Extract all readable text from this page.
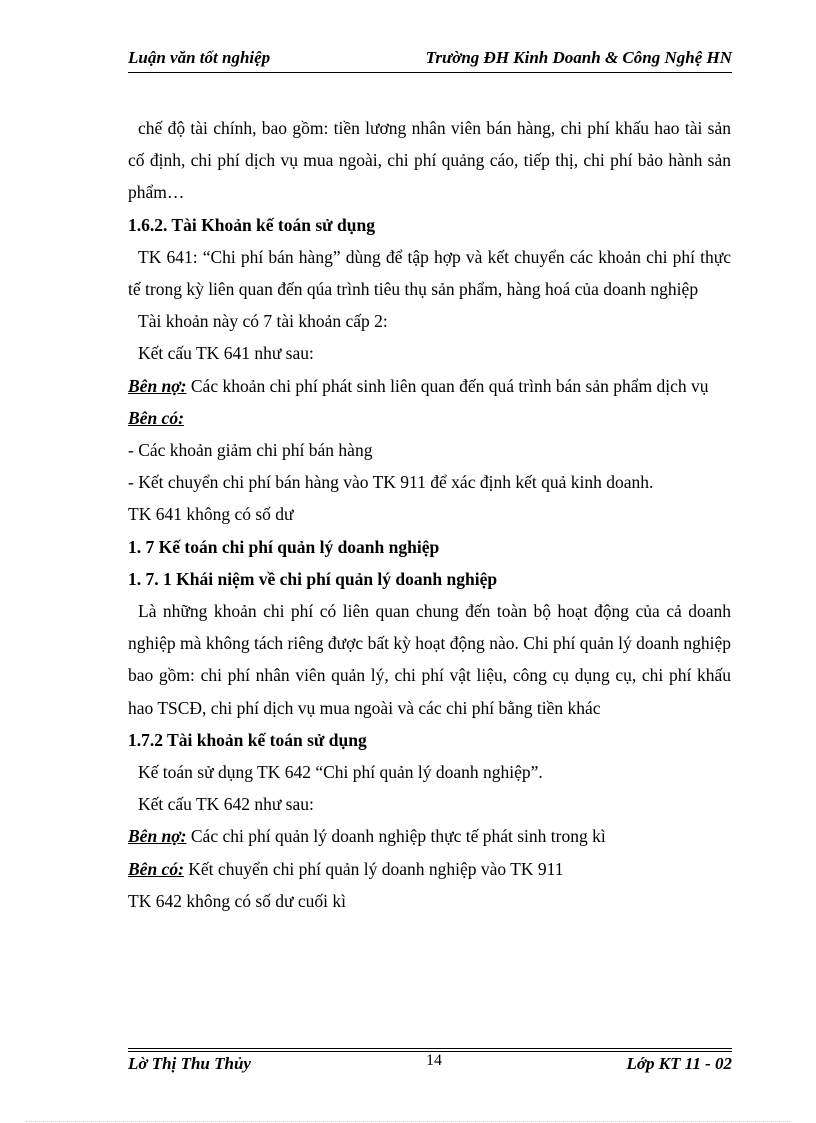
Luận văn tốt nghiệp	Trường ĐH Kinh Doanh & Công Nghệ HN

chế độ tài chính, bao gồm: tiền lương nhân viên bán hàng, chi phí khấu hao tài sản cố định, chi phí dịch vụ mua ngoài, chi phí quảng cáo, tiếp thị, chi phí bảo hành sản phẩm…

1.6.2. Tài Khoản kế toán sử dụng

TK 641: “Chi phí bán hàng” dùng để tập hợp và kết chuyển các khoản chi phí thực tế trong kỳ liên quan đến qúa trình tiêu thụ sản phẩm, hàng hoá của doanh nghiệp

Tài khoản này có 7 tài khoản cấp 2:

Kết cấu TK 641 như sau:

Bên nợ: Các khoản chi phí phát sinh liên quan đến quá trình bán sản phẩm dịch vụ

Bên có:

- Các khoản giảm chi phí bán hàng

- Kết chuyển chi phí bán hàng vào TK 911 để xác định kết quả kinh doanh.

TK 641 không có số dư

1. 7 Kế toán chi phí quản lý doanh nghiệp

1. 7. 1 Khái niệm về chi phí quản lý doanh nghiệp

Là những khoản chi phí có liên quan chung đến toàn bộ hoạt động của cả doanh nghiệp mà không tách riêng được bất kỳ hoạt động nào. Chi phí quản lý doanh nghiệp bao gồm: chi phí nhân viên quản lý, chi phí vật liệu, công cụ dụng cụ, chi phí khấu hao TSCĐ, chi phí dịch vụ mua ngoài và các chi phí bằng tiền khác

1.7.2 Tài khoản kế toán sử dụng

Kế toán sử dụng TK 642 “Chi phí quản lý doanh nghiệp”.

Kết cấu TK 642 như sau:

Bên nợ: Các chi phí quản lý doanh nghiệp thực tế phát sinh trong kì

Bên có: Kết chuyển chi phí quản lý doanh nghiệp vào TK 911

TK 642 không có số dư cuối kì

Lờ Thị Thu Thủy	14	Lớp KT 11 - 02
